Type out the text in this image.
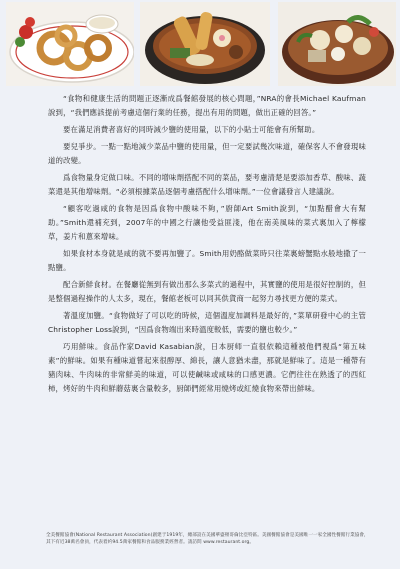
“食物和健康生活的問題正逐漸成爲餐館發展的核心問題，”NRA的會長Michael Kaufman說到，“我們應該提前考慮這個行業的任務，提出有用的問題，做出正確的回答。”

要在滿足消費者喜好的同時減少鹽的使用量，以下的小貼士可能會有所幫助。

要兒爭步。一點一點地減少菜品中鹽的使用量，但一定要試幾次味道，確保客人不會發現味道的改變。

爲食物量身定做口味。不同的增味劑搭配不同的菜品，要考慮清楚是要添加香草、酸味、蔬菜還是其他增味劑。“必須根據菜品逐個考慮搭配什么增味劑。”一位會議發言人建議說。

“顧客吃過咸的食物是因爲食物中酸味不夠，”廚師Art Smith說到，“加點醋會大有幫助。”Smith還補充到，2007年的中國之行讓他受益匪淺，他在南美風味的菜式裏加入了檸檬草，姜片和蔥來增味。

如果食材本身就是咸的就不要再加鹽了。Smith用奶酪做菜時只往菜裏螃蟹點水般地撒了一點鹽。

配合新鮮食材。在餐廳從無到有做出那么多菜式的過程中，其實鹽的使用是很好控制的，但是整個過程操作的人太多，現在，餐館老板可以同其供貨商一起努力尋找更方便的菜式。

著溫度加鹽。“食物做好了可以吃的時候，這個溫度加調料是最好的，”菜單研發中心的主管Christopher Loss說到，“因爲食物端出來時溫度較低，需要的鹽也較少。”

巧用鮮味。食品作家David Kasabian說，日本厨师一直很依賴這種被他們視爲“第五味素”的鮮味。如果有種味道嘗起來很醇厚、綿長，讓人意猶未盡，那就是鮮味了。這是一種帶有豬肉味、牛肉味的非常鮮美的味道，可以使鹹味或咸味的口感更濃。它們往往在熟透了的西紅柿，烤好的牛肉和鮮蘑菇裏含量較多，厨師們經常用燒烤或紅燒食物來帶出鮮味。

全美餐館協會(National Restaurant Association)創建于1919年，總部設在美國華盛頓哥倫比亞特區。美國餐館協會是美國唯一一家全國性餐館行業協會，其下有近38萬名會員，代表着約94.5萬家餐館和食品服務業經營者。請訪問 www.restaurant.org。
